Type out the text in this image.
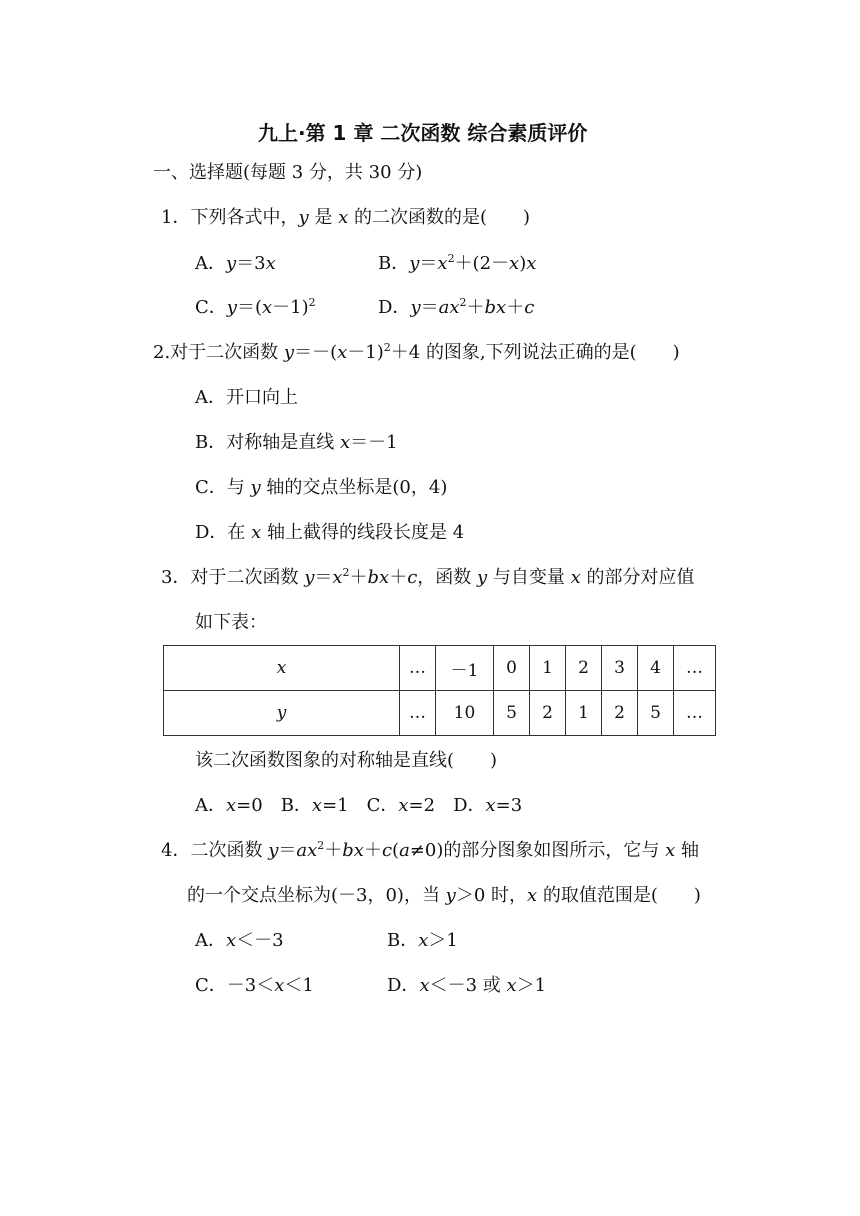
九上·第 1 章 二次函数 综合素质评价
一、选择题(每题 3 分，共 30 分)
1．下列各式中，y 是 x 的二次函数的是(　　)
A．y＝3x	B．$y=x^2+(2-x)x$
C．$y=(x-1)^2$	D．$y=ax^2+bx+c$
2.对于二次函数 $y=-(x-1)^2+4$ 的图象,下列说法正确的是(　　)
A．开口向上
B．对称轴是直线 x＝－1
C．与 y 轴的交点坐标是(0，4)
D．在 x 轴上截得的线段长度是 4
3．对于二次函数 $y=x^2+bx+c$，函数 y 与自变量 x 的部分对应值
如下表：
x	…	－1	0	1	2	3	4	…
y	…	10	5	2	1	2	5	…
该二次函数图象的对称轴是直线(　　)
A．x=0　B．x=1　C．x=2　D．x=3
4．二次函数 $y=ax^2+bx+c(a\ne 0)$的部分图象如图所示，它与 x 轴
的一个交点坐标为(－3，0)，当 y＞0 时，x 的取值范围是(　　)
A．x＜－3	B．x＞1
C．－3＜x＜1	D．x＜－3 或 x＞1
